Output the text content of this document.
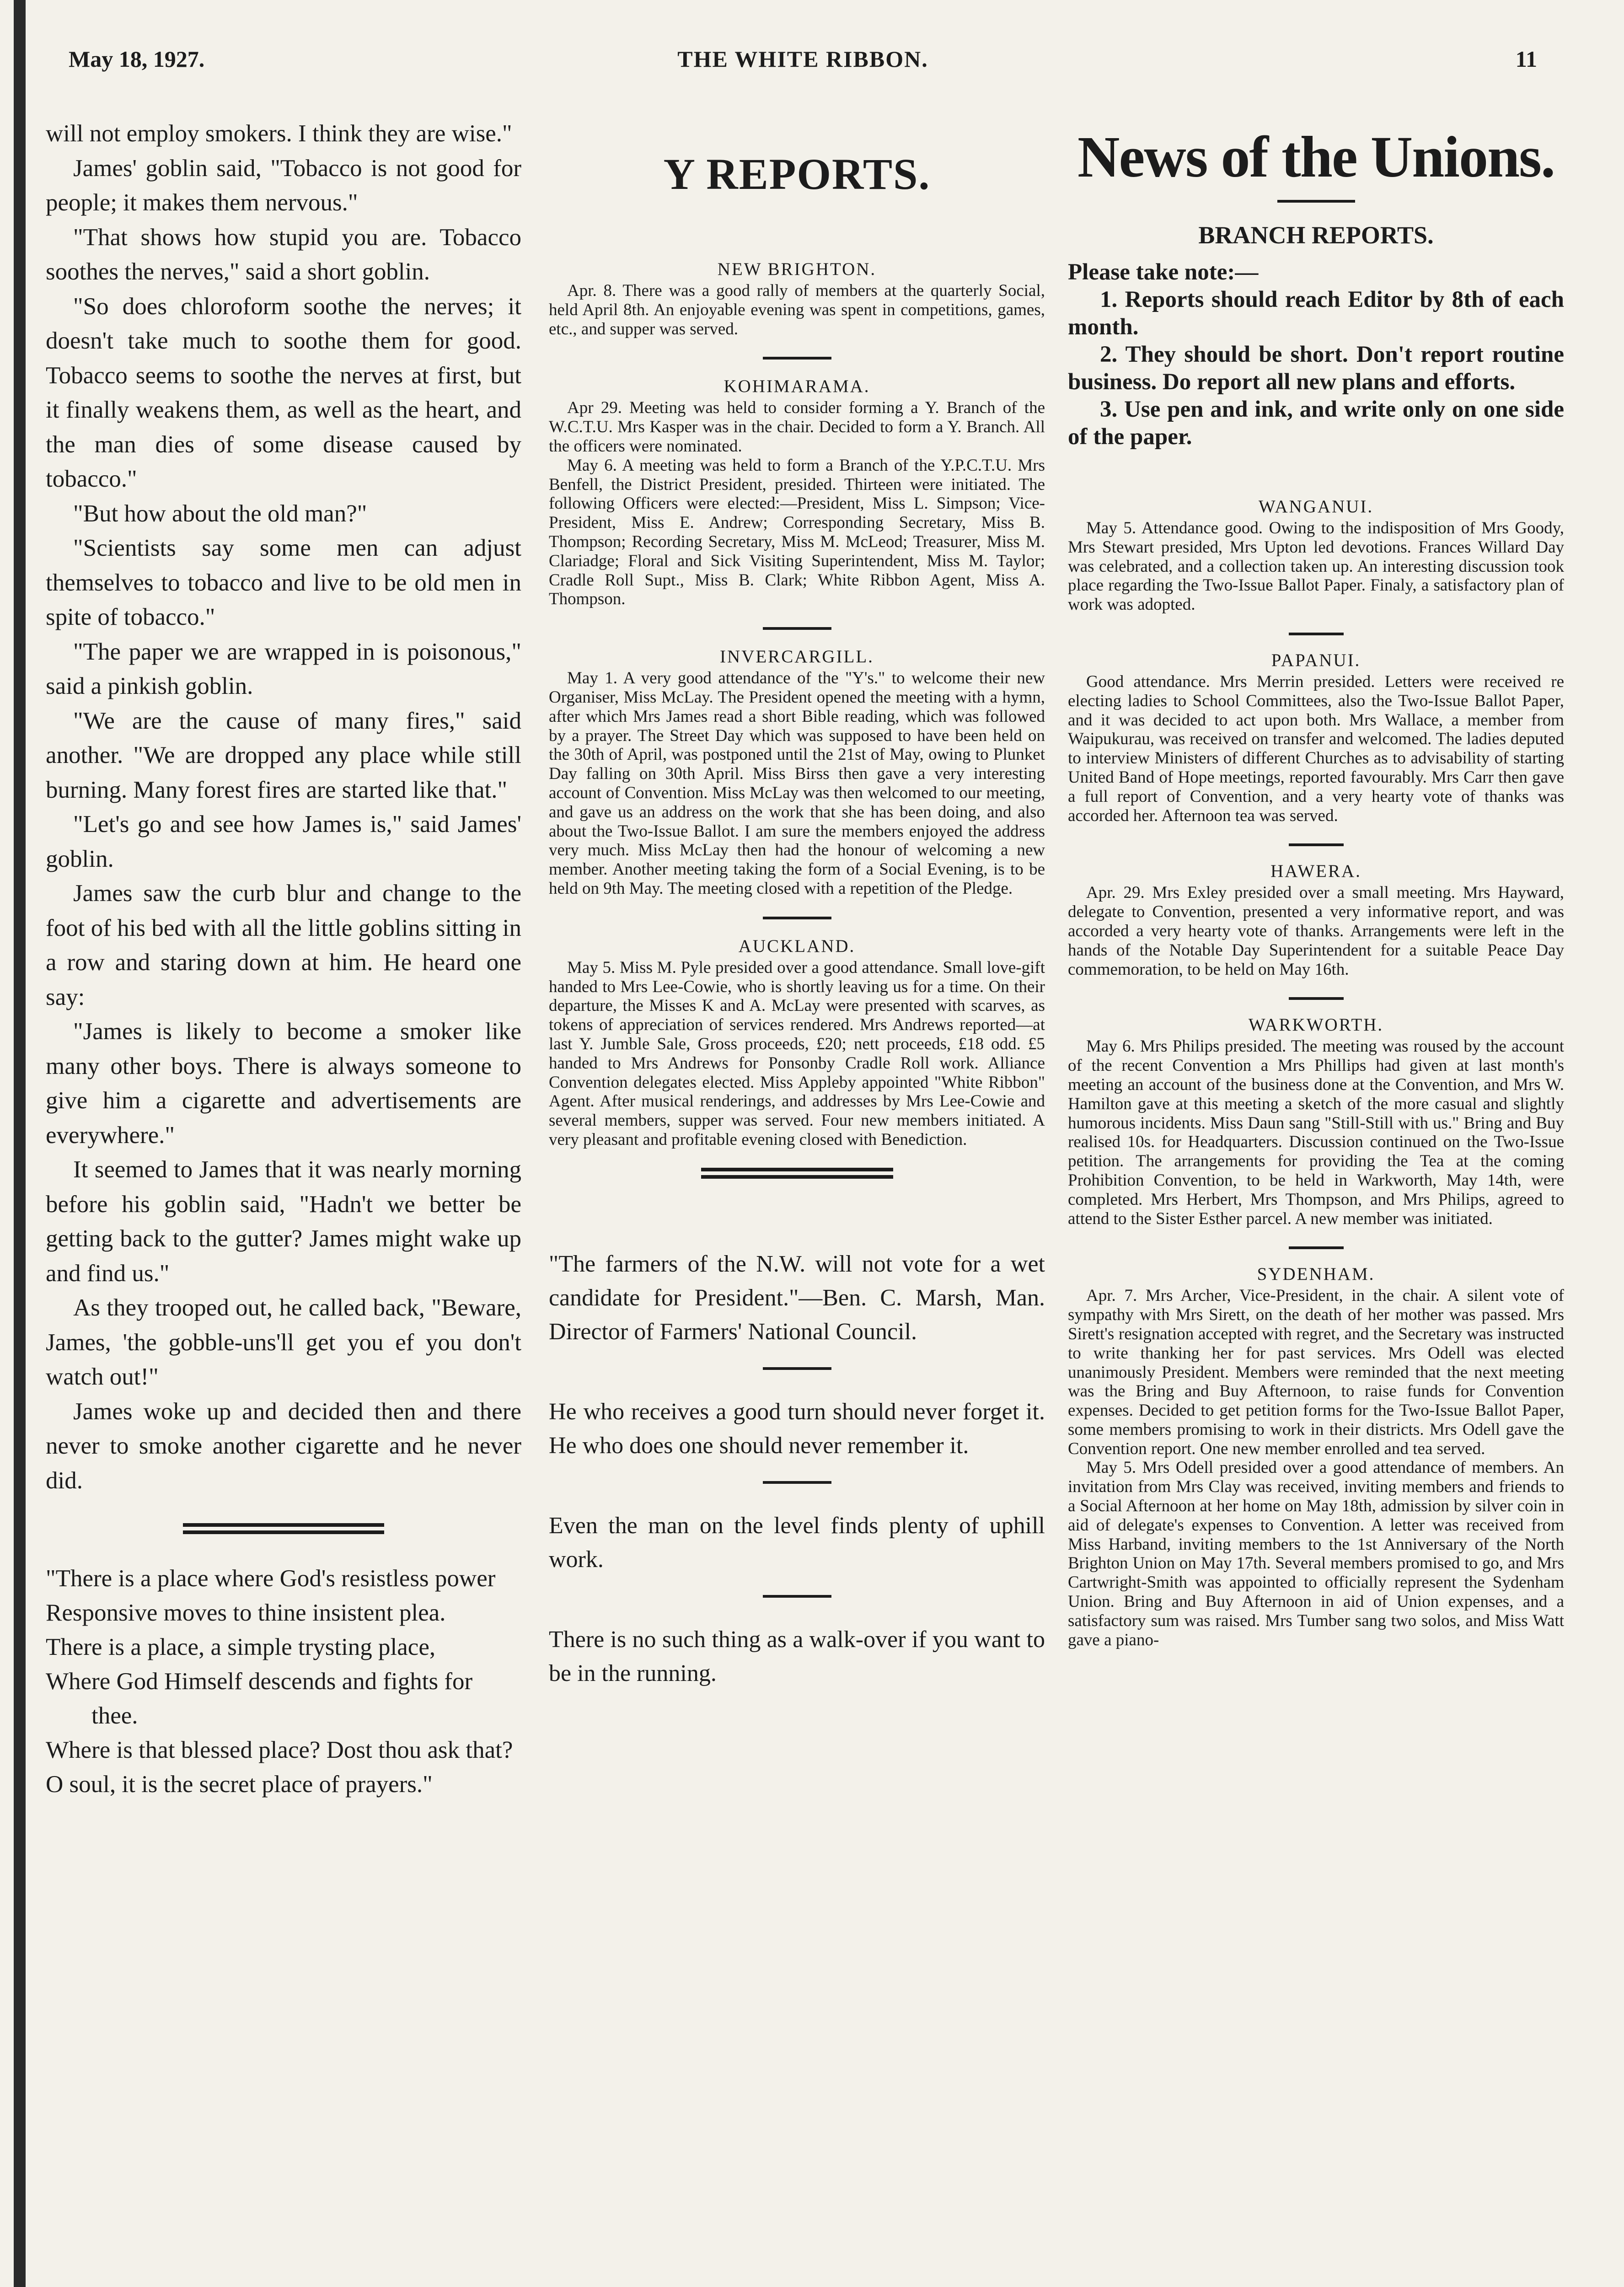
May 18, 1927.	THE WHITE RIBBON.	11

will not employ smokers. I think they are wise."

James' goblin said, "Tobacco is not good for people; it makes them nervous."

"That shows how stupid you are. Tobacco soothes the nerves," said a short goblin.

"So does chloroform soothe the nerves; it doesn't take much to soothe them for good. Tobacco seems to soothe the nerves at first, but it finally weakens them, as well as the heart, and the man dies of some disease caused by tobacco."

"But how about the old man?"

"Scientists say some men can adjust themselves to tobacco and live to be old men in spite of tobacco."

"The paper we are wrapped in is poisonous," said a pinkish goblin.

"We are the cause of many fires," said another. "We are dropped any place while still burning. Many forest fires are started like that."

"Let's go and see how James is," said James' goblin.

James saw the curb blur and change to the foot of his bed with all the little goblins sitting in a row and staring down at him. He heard one say:

"James is likely to become a smoker like many other boys. There is always someone to give him a cigarette and advertisements are everywhere."

It seemed to James that it was nearly morning before his goblin said, "Hadn't we better be getting back to the gutter? James might wake up and find us."

As they trooped out, he called back, "Beware, James, 'the gobble-uns'll get you ef you don't watch out!"

James woke up and decided then and there never to smoke another cigarette and he never did.

"There is a place where God's resistless power
Responsive moves to thine insistent plea.
There is a place, a simple trysting place,
Where God Himself descends and fights for thee.
Where is that blessed place? Dost thou ask that?
O soul, it is the secret place of prayers."
Y REPORTS.
NEW BRIGHTON.

Apr. 8. There was a good rally of members at the quarterly Social, held April 8th. An enjoyable evening was spent in competitions, games, etc., and supper was served.

KOHIMARAMA.

Apr 29. Meeting was held to consider forming a Y. Branch of the W.C.T.U. Mrs Kasper was in the chair. Decided to form a Y. Branch. All the officers were nominated.

May 6. A meeting was held to form a Branch of the Y.P.C.T.U. Mrs Benfell, the District President, presided. Thirteen were initiated. The following Officers were elected:—President, Miss L. Simpson; Vice-President, Miss E. Andrew; Corresponding Secretary, Miss B. Thompson; Recording Secretary, Miss M. McLeod; Treasurer, Miss M. Clariadge; Floral and Sick Visiting Superintendent, Miss M. Taylor; Cradle Roll Supt., Miss B. Clark; White Ribbon Agent, Miss A. Thompson.

INVERCARGILL.

May 1. A very good attendance of the "Y's." to welcome their new Organiser, Miss McLay. The President opened the meeting with a hymn, after which Mrs James read a short Bible reading, which was followed by a prayer. The Street Day which was supposed to have been held on the 30th of April, was postponed until the 21st of May, owing to Plunket Day falling on 30th April. Miss Birss then gave a very interesting account of Convention. Miss McLay was then welcomed to our meeting, and gave us an address on the work that she has been doing, and also about the Two-Issue Ballot. I am sure the members enjoyed the address very much. Miss McLay then had the honour of welcoming a new member. Another meeting taking the form of a Social Evening, is to be held on 9th May. The meeting closed with a repetition of the Pledge.

AUCKLAND.

May 5. Miss M. Pyle presided over a good attendance. Small love-gift handed to Mrs Lee-Cowie, who is shortly leaving us for a time. On their departure, the Misses K and A. McLay were presented with scarves, as tokens of appreciation of services rendered. Mrs Andrews reported—at last Y. Jumble Sale, Gross proceeds, £20; nett proceeds, £18 odd. £5 handed to Mrs Andrews for Ponsonby Cradle Roll work. Alliance Convention delegates elected. Miss Appleby appointed "White Ribbon" Agent. After musical renderings, and addresses by Mrs Lee-Cowie and several members, supper was served. Four new members initiated. A very pleasant and profitable evening closed with Benediction.

"The farmers of the N.W. will not vote for a wet candidate for President."—Ben. C. Marsh, Man. Director of Farmers' National Council.

He who receives a good turn should never forget it. He who does one should never remember it.

Even the man on the level finds plenty of uphill work.

There is no such thing as a walk-over if you want to be in the running.

News of the Unions.
BRANCH REPORTS.

Please take note:—

1. Reports should reach Editor by 8th of each month.

2. They should be short. Don't report routine business. Do report all new plans and efforts.

3. Use pen and ink, and write only on one side of the paper.

WANGANUI.

May 5. Attendance good. Owing to the indisposition of Mrs Goody, Mrs Stewart presided, Mrs Upton led devotions. Frances Willard Day was celebrated, and a collection taken up. An interesting discussion took place regarding the Two-Issue Ballot Paper. Finaly, a satisfactory plan of work was adopted.

PAPANUI.

Good attendance. Mrs Merrin presided. Letters were received re electing ladies to School Committees, also the Two-Issue Ballot Paper, and it was decided to act upon both. Mrs Wallace, a member from Waipukurau, was received on transfer and welcomed. The ladies deputed to interview Ministers of different Churches as to advisability of starting United Band of Hope meetings, reported favourably. Mrs Carr then gave a full report of Convention, and a very hearty vote of thanks was accorded her. Afternoon tea was served.

HAWERA.

Apr. 29. Mrs Exley presided over a small meeting. Mrs Hayward, delegate to Convention, presented a very informative report, and was accorded a very hearty vote of thanks. Arrangements were left in the hands of the Notable Day Superintendent for a suitable Peace Day commemoration, to be held on May 16th.

WARKWORTH.

May 6. Mrs Philips presided. The meeting was roused by the account of the recent Convention a Mrs Phillips had given at last month's meeting an account of the business done at the Convention, and Mrs W. Hamilton gave at this meeting a sketch of the more casual and slightly humorous incidents. Miss Daun sang "Still-Still with us." Bring and Buy realised 10s. for Headquarters. Discussion continued on the Two-Issue petition. The arrangements for providing the Tea at the coming Prohibition Convention, to be held in Warkworth, May 14th, were completed. Mrs Herbert, Mrs Thompson, and Mrs Philips, agreed to attend to the Sister Esther parcel. A new member was initiated.

SYDENHAM.

Apr. 7. Mrs Archer, Vice-President, in the chair. A silent vote of sympathy with Mrs Sirett, on the death of her mother was passed. Mrs Sirett's resignation accepted with regret, and the Secretary was instructed to write thanking her for past services. Mrs Odell was elected unanimously President. Members were reminded that the next meeting was the Bring and Buy Afternoon, to raise funds for Convention expenses. Decided to get petition forms for the Two-Issue Ballot Paper, some members promising to work in their districts. Mrs Odell gave the Convention report. One new member enrolled and tea served.

May 5. Mrs Odell presided over a good attendance of members. An invitation from Mrs Clay was received, inviting members and friends to a Social Afternoon at her home on May 18th, admission by silver coin in aid of delegate's expenses to Convention. A letter was received from Miss Harband, inviting members to the 1st Anniversary of the North Brighton Union on May 17th. Several members promised to go, and Mrs Cartwright-Smith was appointed to officially represent the Sydenham Union. Bring and Buy Afternoon in aid of Union expenses, and a satisfactory sum was raised. Mrs Tumber sang two solos, and Miss Watt gave a piano-
